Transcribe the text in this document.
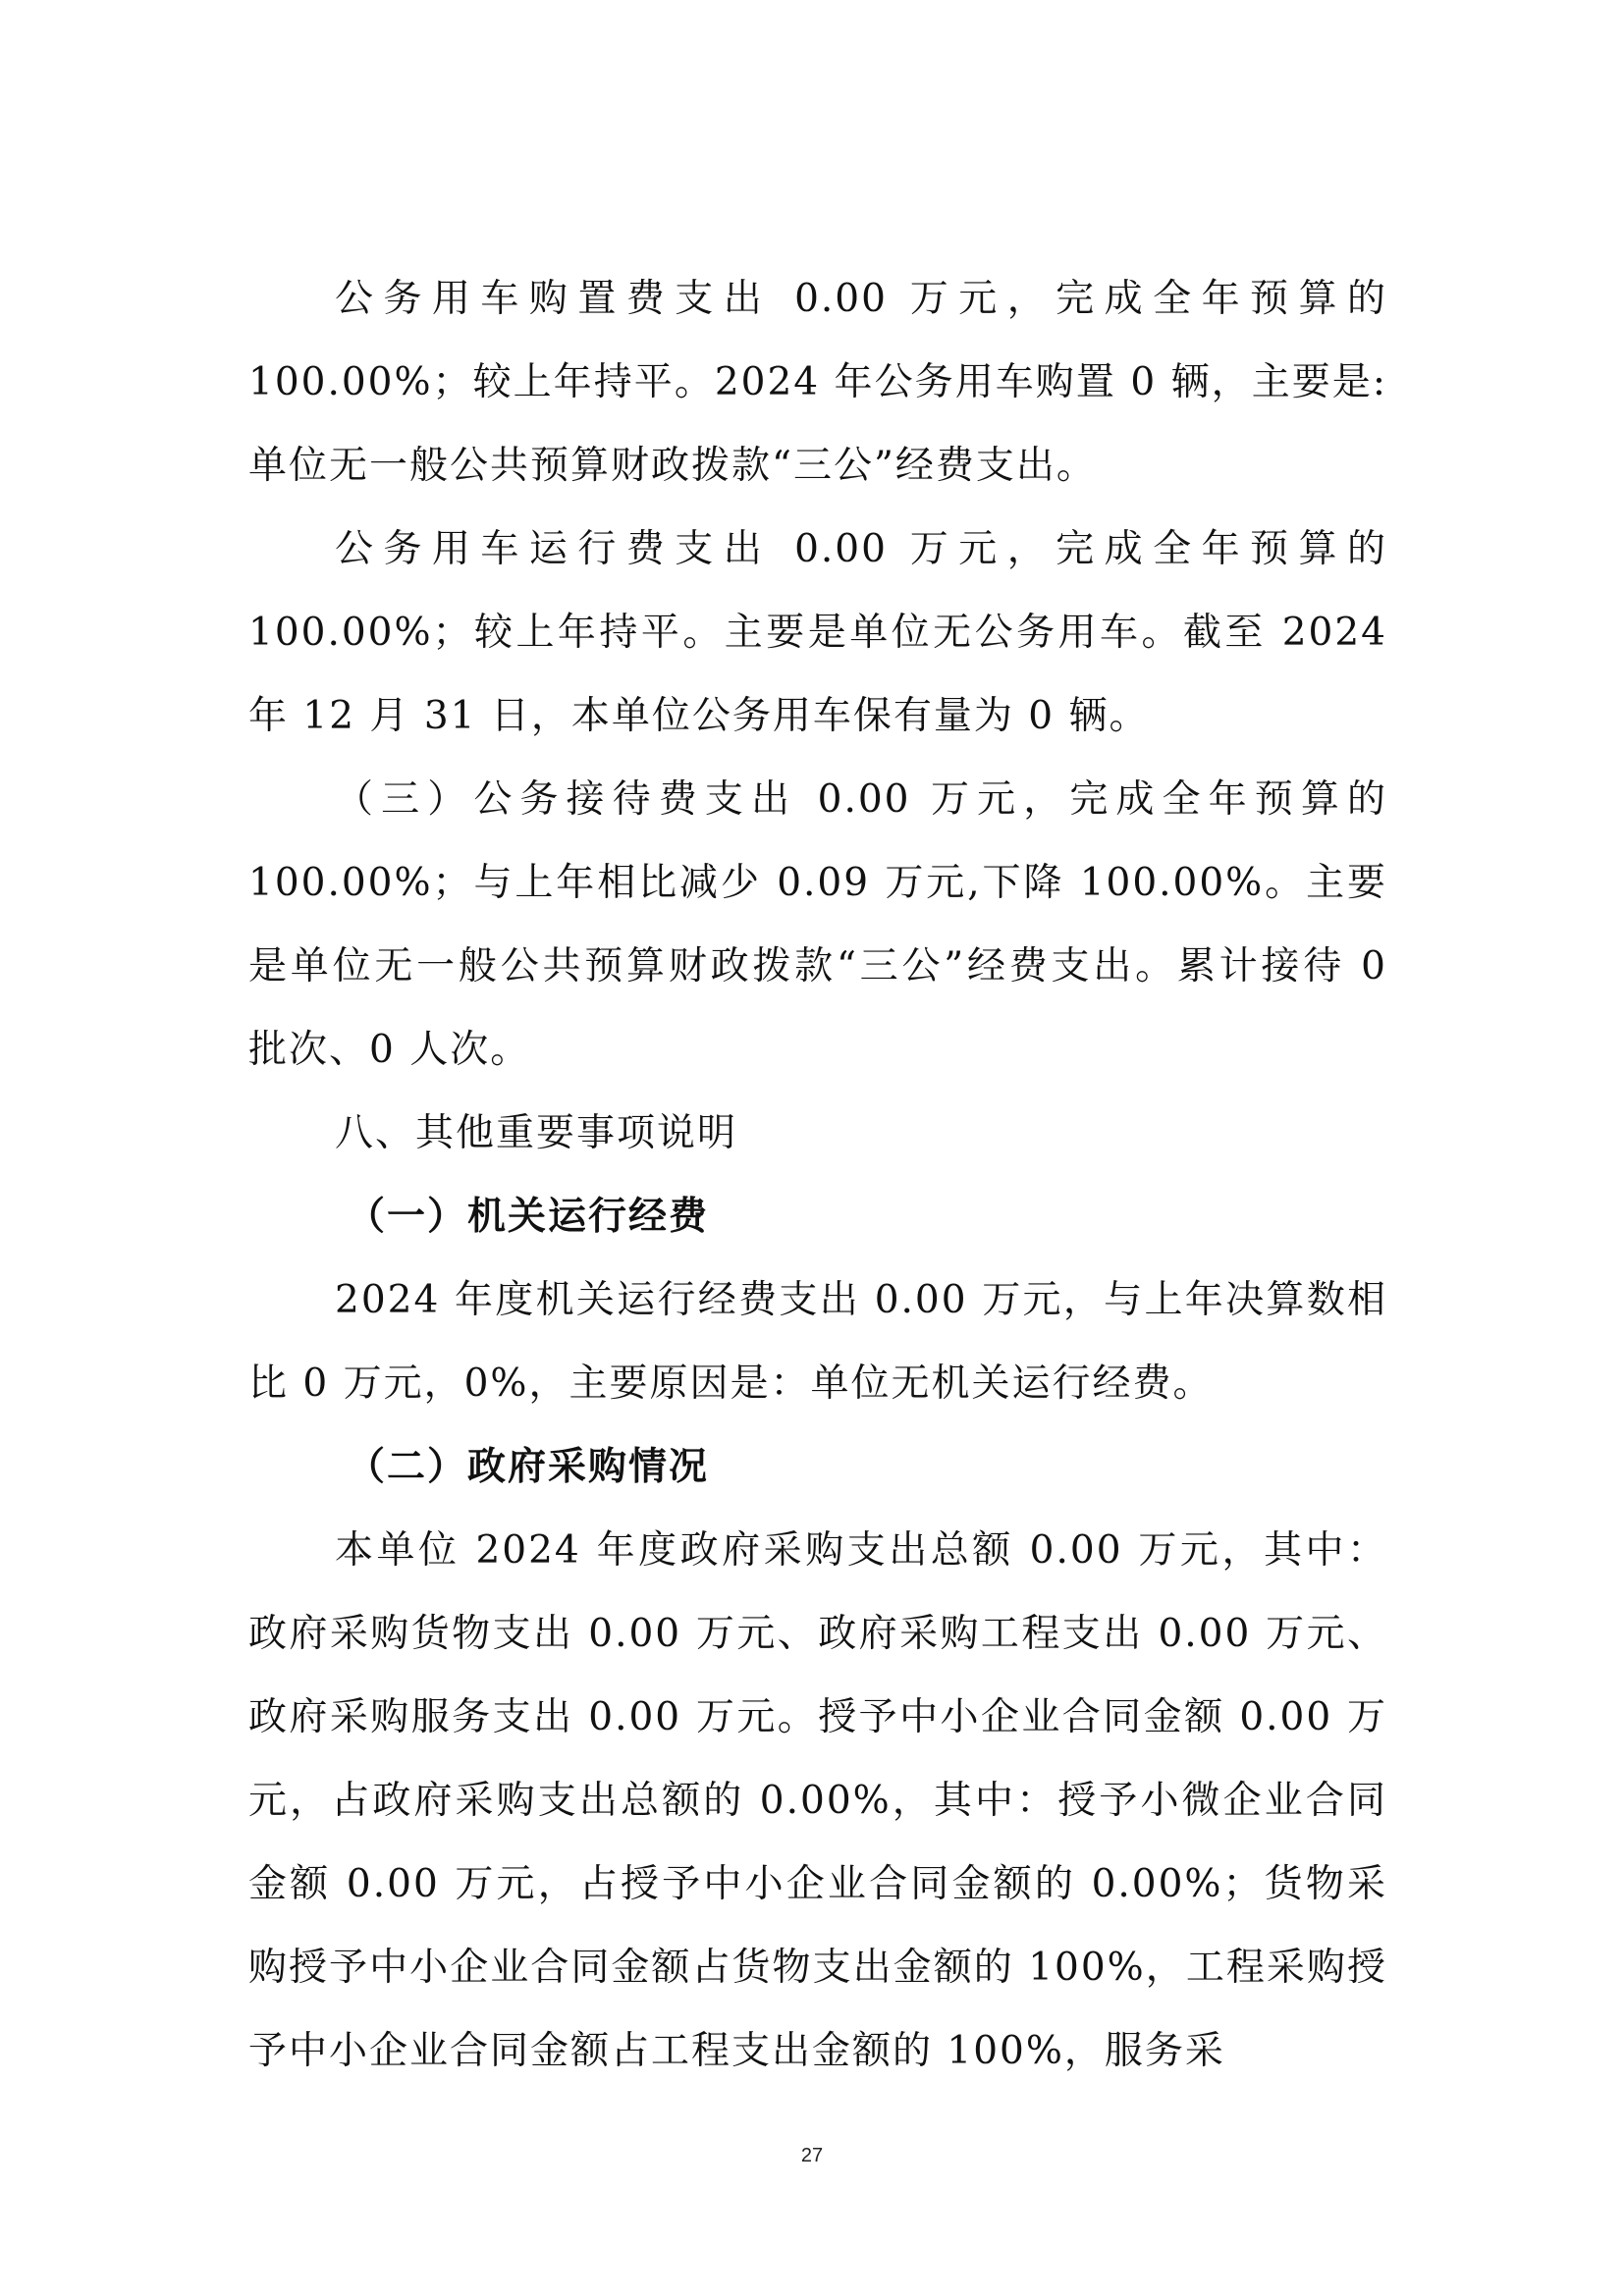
公务用车购置费支出 0.00 万元，完成全年预算的 100.00%；较上年持平。2024 年公务用车购置 0 辆，主要是:单位无一般公共预算财政拨款“三公”经费支出。

公务用车运行费支出 0.00 万元，完成全年预算的 100.00%；较上年持平。主要是单位无公务用车。截至 2024 年 12 月 31 日，本单位公务用车保有量为 0 辆。

（三）公务接待费支出 0.00 万元，完成全年预算的 100.00%；与上年相比减少 0.09 万元,下降 100.00%。主要是单位无一般公共预算财政拨款“三公”经费支出。累计接待 0 批次、0 人次。

八、其他重要事项说明

（一）机关运行经费

2024 年度机关运行经费支出 0.00 万元，与上年决算数相比 0 万元，0%，主要原因是：单位无机关运行经费。

（二）政府采购情况

本单位 2024 年度政府采购支出总额 0.00 万元，其中：政府采购货物支出 0.00 万元、政府采购工程支出 0.00 万元、政府采购服务支出 0.00 万元。授予中小企业合同金额 0.00 万元，占政府采购支出总额的 0.00%，其中：授予小微企业合同金额 0.00 万元，占授予中小企业合同金额的 0.00%；货物采购授予中小企业合同金额占货物支出金额的 100%，工程采购授予中小企业合同金额占工程支出金额的 100%，服务采

27
